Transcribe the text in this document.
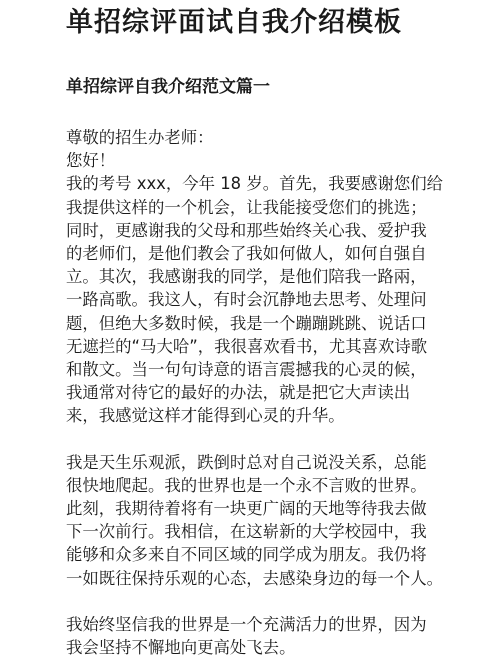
单招综评面试自我介绍模板
单招综评自我介绍范文篇一
尊敬的招生办老师：
您好！
我的考号 xxx，今年 18 岁。首先，我要感谢您们给
我提供这样的一个机会，让我能接受您们的挑选；
同时，更感谢我的父母和那些始终关心我、爱护我
的老师们，是他们教会了我如何做人，如何自强自
立。其次，我感谢我的同学，是他们陪我一路兩，
一路高歌。我这人，有时会沉静地去思考、处理问
题，但绝大多数时候，我是一个蹦蹦跳跳、说话口
无遮拦的“马大哈”，我很喜欢看书，尤其喜欢诗歌
和散文。当一句句诗意的语言震撼我的心灵的候，
我通常对待它的最好的办法，就是把它大声读出
来，我感觉这样才能得到心灵的升华。
我是天生乐观派，跌倒时总对自己说没关系，总能
很快地爬起。我的世界也是一个永不言败的世界。
此刻，我期待着将有一块更广阔的天地等待我去做
下一次前行。我相信，在这崭新的大学校园中，我
能够和众多来自不同区域的同学成为朋友。我仍将
一如既往保持乐观的心态，去感染身边的每一个人。
我始终坚信我的世界是一个充满活力的世界，因为
我会坚持不懈地向更高处飞去。
